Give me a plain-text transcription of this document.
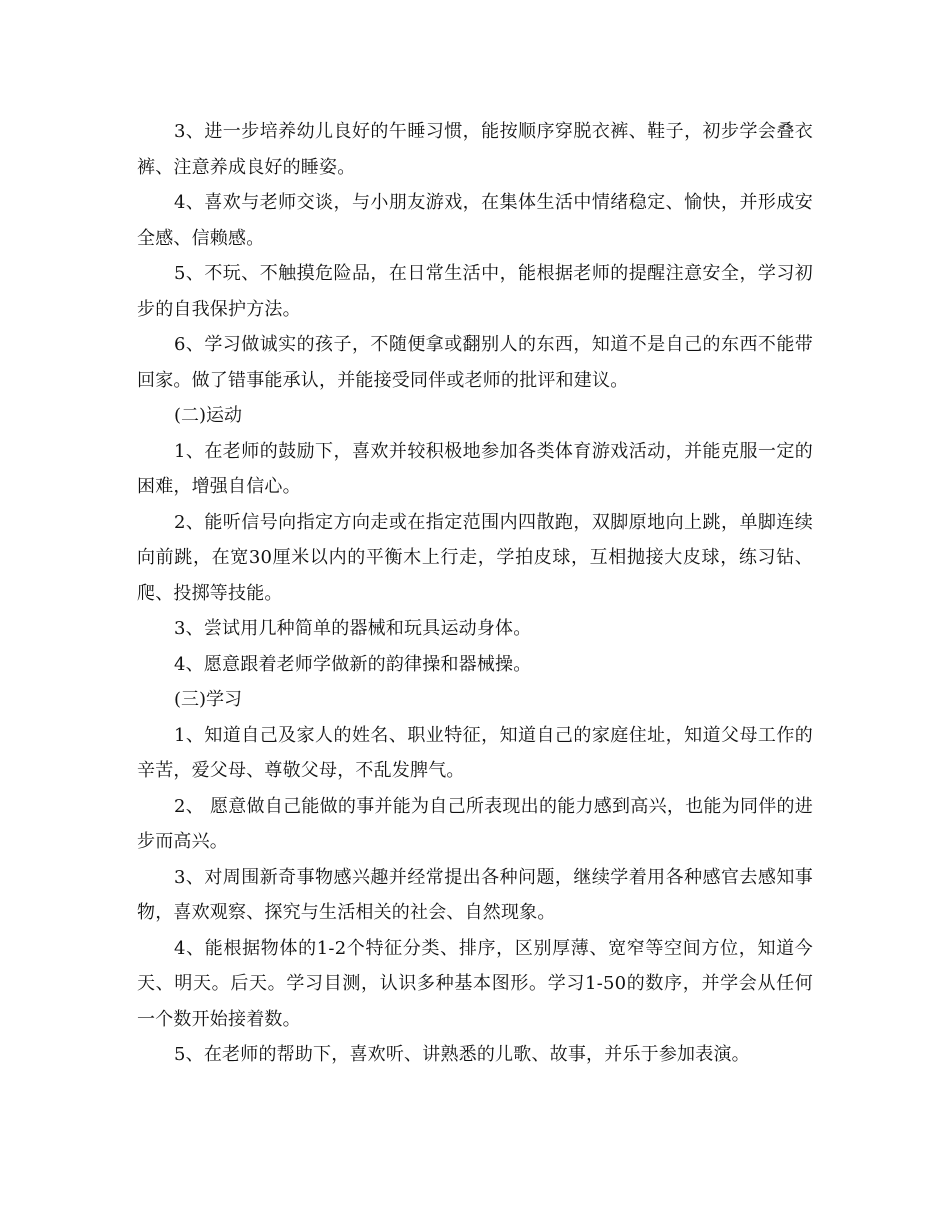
3、进一步培养幼儿良好的午睡习惯，能按顺序穿脱衣裤、鞋子，初步学会叠衣裤、注意养成良好的睡姿。

4、喜欢与老师交谈，与小朋友游戏，在集体生活中情绪稳定、愉快，并形成安全感、信赖感。

5、不玩、不触摸危险品，在日常生活中，能根据老师的提醒注意安全，学习初步的自我保护方法。

6、学习做诚实的孩子，不随便拿或翻别人的东西，知道不是自己的东西不能带回家。做了错事能承认，并能接受同伴或老师的批评和建议。

(二)运动

1、在老师的鼓励下，喜欢并较积极地参加各类体育游戏活动，并能克服一定的困难，增强自信心。

2、能听信号向指定方向走或在指定范围内四散跑，双脚原地向上跳，单脚连续向前跳，在宽30厘米以内的平衡木上行走，学拍皮球，互相抛接大皮球，练习钻、爬、投掷等技能。

3、尝试用几种简单的器械和玩具运动身体。

4、愿意跟着老师学做新的韵律操和器械操。

(三)学习

1、知道自己及家人的姓名、职业特征，知道自己的家庭住址，知道父母工作的辛苦，爱父母、尊敬父母，不乱发脾气。

2、 愿意做自己能做的事并能为自己所表现出的能力感到高兴，也能为同伴的进步而高兴。

3、对周围新奇事物感兴趣并经常提出各种问题，继续学着用各种感官去感知事物，喜欢观察、探究与生活相关的社会、自然现象。

4、能根据物体的1-2个特征分类、排序，区别厚薄、宽窄等空间方位，知道今天、明天。后天。学习目测，认识多种基本图形。学习1-50的数序，并学会从任何一个数开始接着数。

5、在老师的帮助下，喜欢听、讲熟悉的儿歌、故事，并乐于参加表演。
